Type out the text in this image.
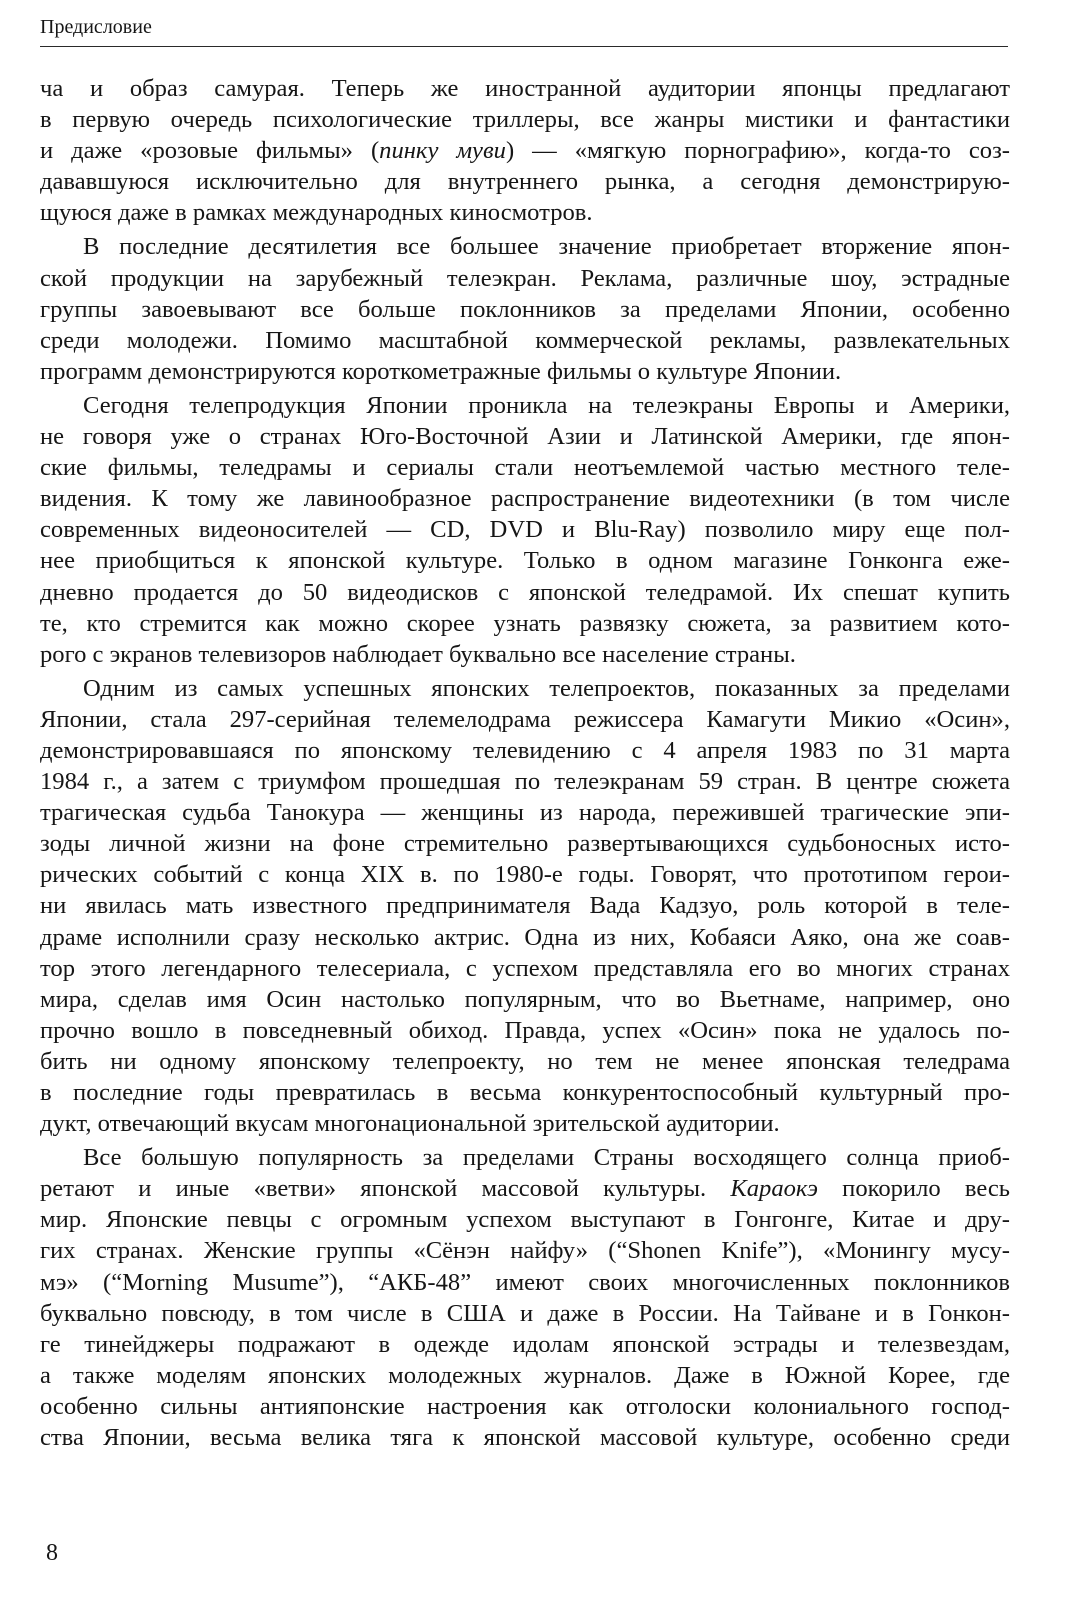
Предисловие
ча и образ самурая. Теперь же иностранной аудитории японцы предлагают
в первую очередь психологические триллеры, все жанры мистики и фантастики
и даже «розовые фильмы» (пинку муви) — «мягкую порнографию», когда-то соз-
дававшуюся исключительно для внутреннего рынка, а сегодня демонстрирую-
щуюся даже в рамках международных киносмотров.
В последние десятилетия все большее значение приобретает вторжение япон-
ской продукции на зарубежный телеэкран. Реклама, различные шоу, эстрадные
группы завоевывают все больше поклонников за пределами Японии, особенно
среди молодежи. Помимо масштабной коммерческой рекламы, развлекательных
программ демонстрируются короткометражные фильмы о культуре Японии.
Сегодня телепродукция Японии проникла на телеэкраны Европы и Америки,
не говоря уже о странах Юго-Восточной Азии и Латинской Америки, где япон-
ские фильмы, теледрамы и сериалы стали неотъемлемой частью местного теле-
видения. К тому же лавинообразное распространение видеотехники (в том числе
современных видеоносителей — CD, DVD и Blu-Ray) позволило миру еще пол-
нее приобщиться к японской культуре. Только в одном магазине Гонконга еже-
дневно продается до 50 видеодисков с японской теледрамой. Их спешат купить
те, кто стремится как можно скорее узнать развязку сюжета, за развитием кото-
рого с экранов телевизоров наблюдает буквально все население страны.
Одним из самых успешных японских телепроектов, показанных за пределами
Японии, стала 297-серийная телемелодрама режиссера Камагути Микио «Осин»,
демонстрировавшаяся по японскому телевидению с 4 апреля 1983 по 31 марта
1984 г., а затем с триумфом прошедшая по телеэкранам 59 стран. В центре сюжета
трагическая судьба Танокура — женщины из народа, пережившей трагические эпи-
зоды личной жизни на фоне стремительно развертывающихся судьбоносных исто-
рических событий с конца XIX в. по 1980-е годы. Говорят, что прототипом герои-
ни явилась мать известного предпринимателя Вада Кадзуо, роль которой в теле-
драме исполнили сразу несколько актрис. Одна из них, Кобаяси Аяко, она же соав-
тор этого легендарного телесериала, с успехом представляла его во многих странах
мира, сделав имя Осин настолько популярным, что во Вьетнаме, например, оно
прочно вошло в повседневный обиход. Правда, успех «Осин» пока не удалось по-
бить ни одному японскому телепроекту, но тем не менее японская теледрама
в последние годы превратилась в весьма конкурентоспособный культурный про-
дукт, отвечающий вкусам многонациональной зрительской аудитории.
Все большую популярность за пределами Страны восходящего солнца приоб-
ретают и иные «ветви» японской массовой культуры. Караокэ покорило весь
мир. Японские певцы с огромным успехом выступают в Гонгонге, Китае и дру-
гих странах. Женские группы «Сёнэн найфу» (“Shonen Knife”), «Монингу мусу-
мэ» (“Morning Musume”), “АКБ-48” имеют своих многочисленных поклонников
буквально повсюду, в том числе в США и даже в России. На Тайване и в Гонкон-
ге тинейджеры подражают в одежде идолам японской эстрады и телезвездам,
а также моделям японских молодежных журналов. Даже в Южной Корее, где
особенно сильны антияпонские настроения как отголоски колониального господ-
ства Японии, весьма велика тяга к японской массовой культуре, особенно среди
8
